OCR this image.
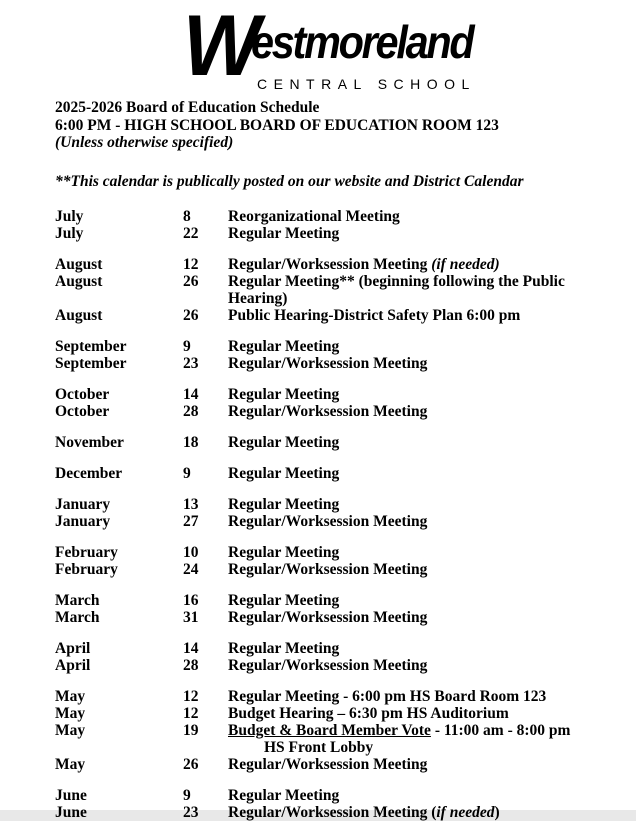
W
estmoreland
CENTRAL SCHOOL
2025-2026 Board of Education Schedule
6:00 PM - HIGH SCHOOL BOARD OF EDUCATION ROOM 123
(Unless otherwise specified)
**This calendar is publically posted on our website and District Calendar
July	8	Reorganizational Meeting
July	22	Regular Meeting
August	12	Regular/Worksession Meeting (if needed)
August	26	Regular Meeting** (beginning following the Public Hearing)
August	26	Public Hearing-District Safety Plan 6:00 pm
September	9	Regular Meeting
September	23	Regular/Worksession Meeting
October	14	Regular Meeting
October	28	Regular/Worksession Meeting
November	18	Regular Meeting
December	9	Regular Meeting
January	13	Regular Meeting
January	27	Regular/Worksession Meeting
February	10	Regular Meeting
February	24	Regular/Worksession Meeting
March	16	Regular Meeting
March	31	Regular/Worksession Meeting
April	14	Regular Meeting
April	28	Regular/Worksession Meeting
May	12	Regular Meeting - 6:00 pm HS Board Room 123
May	12	Budget Hearing – 6:30 pm HS Auditorium
May	19	Budget & Board Member Vote - 11:00 am - 8:00 pm
HS Front Lobby
May	26	Regular/Worksession Meeting
June	9	Regular Meeting
June	23	Regular/Worksession Meeting (if needed)
